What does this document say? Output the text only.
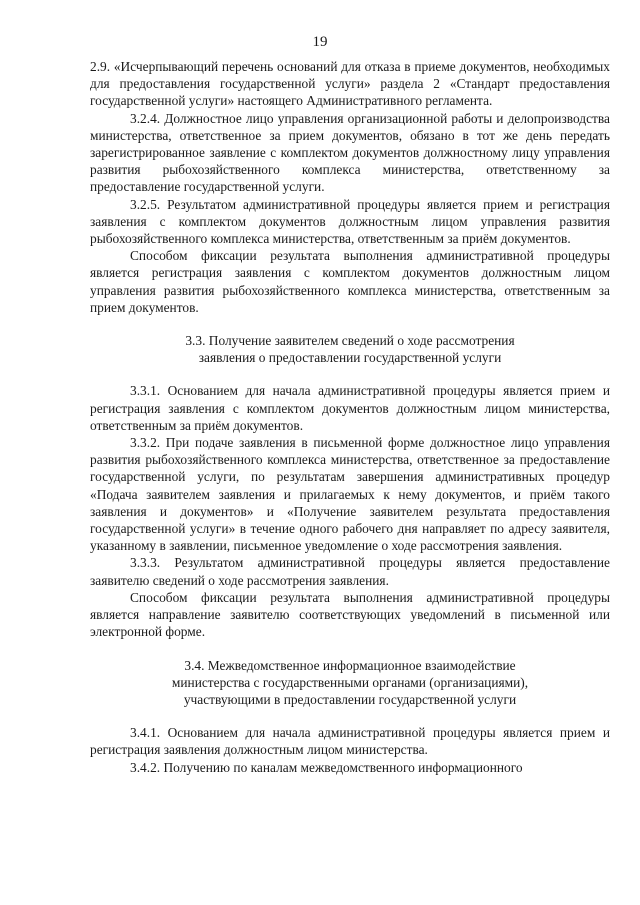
19

2.9. «Исчерпывающий перечень оснований для отказа в приеме документов, необходимых для предоставления государственной услуги» раздела 2 «Стандарт предоставления государственной услуги» настоящего Административного регламента.

3.2.4. Должностное лицо управления организационной работы и делопроизводства министерства, ответственное за прием документов, обязано в тот же день передать зарегистрированное заявление с комплектом документов должностному лицу управления развития рыбохозяйственного комплекса министерства, ответственному за предоставление государственной услуги.

3.2.5. Результатом административной процедуры является прием и регистрация заявления с комплектом документов должностным лицом управления развития рыбохозяйственного комплекса министерства, ответственным за приём документов.

Способом фиксации результата выполнения административной процедуры является регистрация заявления с комплектом документов должностным лицом управления развития рыбохозяйственного комплекса министерства, ответственным за прием документов.

3.3. Получение заявителем сведений о ходе рассмотрения
заявления о предоставлении государственной услуги

3.3.1. Основанием для начала административной процедуры является прием и регистрация заявления с комплектом документов должностным лицом министерства, ответственным за приём документов.

3.3.2. При подаче заявления в письменной форме должностное лицо управления развития рыбохозяйственного комплекса министерства, ответственное за предоставление государственной услуги, по результатам завершения административных процедур «Подача заявителем заявления и прилагаемых к нему документов, и приём такого заявления и документов» и «Получение заявителем результата предоставления государственной услуги» в течение одного рабочего дня направляет по адресу заявителя, указанному в заявлении, письменное уведомление о ходе рассмотрения заявления.

3.3.3. Результатом административной процедуры является предоставление заявителю сведений о ходе рассмотрения заявления.

Способом фиксации результата выполнения административной процедуры является направление заявителю соответствующих уведомлений в письменной или электронной форме.

3.4. Межведомственное информационное взаимодействие
министерства с государственными органами (организациями),
участвующими в предоставлении государственной услуги

3.4.1. Основанием для начала административной процедуры является прием и регистрация заявления должностным лицом министерства.

3.4.2. Получению по каналам межведомственного информационного
